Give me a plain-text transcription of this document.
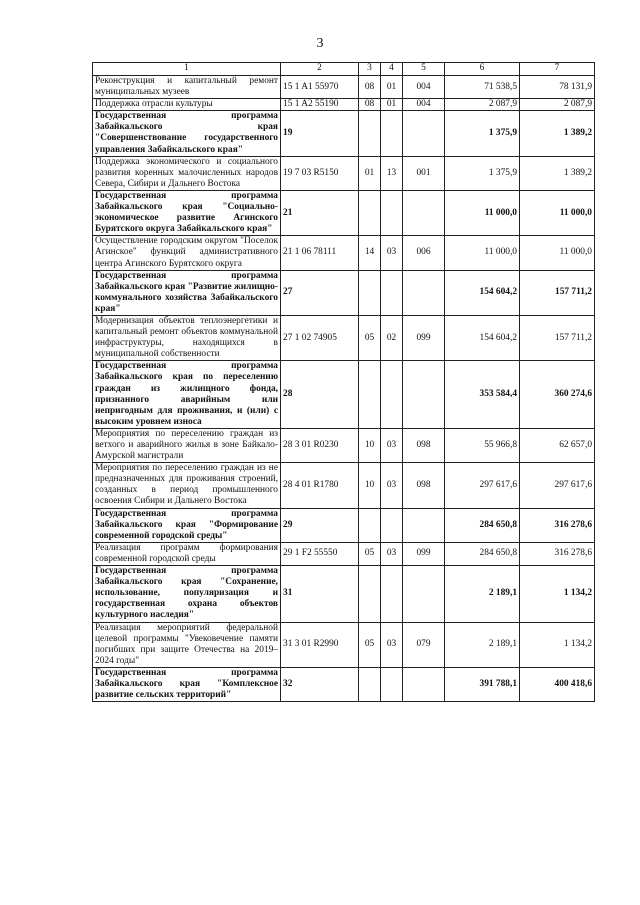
3
1	2	3	4	5	6	7
Реконструкция и капитальный ремонт муниципальных музеев	15 1 A1 55970	08	01	004	71 538,5	78 131,9
Поддержка отрасли культуры	15 1 A2 55190	08	01	004	2 087,9	2 087,9
Государственная программа Забайкальского края "Совершенствование государственного управления Забайкальского края"	19				1 375,9	1 389,2
Поддержка экономического и социального развития коренных малочисленных народов Севера, Сибири и Дальнего Востока	19 7 03 R5150	01	13	001	1 375,9	1 389,2
Государственная программа Забайкальского края "Социально-экономическое развитие Агинского Бурятского округа Забайкальского края"	21				11 000,0	11 000,0
Осуществление городским округом "Поселок Агинское" функций административного центра Агинского Бурятского округа	21 1 06 78111	14	03	006	11 000,0	11 000,0
Государственная программа Забайкальского края "Развитие жилищно-коммунального хозяйства Забайкальского края"	27				154 604,2	157 711,2
Модернизация объектов теплоэнергетики и капитальный ремонт объектов коммунальной инфраструктуры, находящихся в муниципальной собственности	27 1 02 74905	05	02	099	154 604,2	157 711,2
Государственная программа Забайкальского края по переселению граждан из жилищного фонда, признанного аварийным или непригодным для проживания, и (или) с высоким уровнем износа	28				353 584,4	360 274,6
Мероприятия по переселению граждан из ветхого и аварийного жилья в зоне Байкало-Амурской магистрали	28 3 01 R0230	10	03	098	55 966,8	62 657,0
Мероприятия по переселению граждан из не предназначенных для проживания строений, созданных в период промышленного освоения Сибири и Дальнего Востока	28 4 01 R1780	10	03	098	297 617,6	297 617,6
Государственная программа Забайкальского края "Формирование современной городской среды"	29				284 650,8	316 278,6
Реализация программ формирования современной городской среды	29 1 F2 55550	05	03	099	284 650,8	316 278,6
Государственная программа Забайкальского края "Сохранение, использование, популяризация и государственная охрана объектов культурного наследия"	31				2 189,1	1 134,2
Реализация мероприятий федеральной целевой программы "Увековечение памяти погибших при защите Отечества на 2019–2024 годы"	31 3 01 R2990	05	03	079	2 189,1	1 134,2
Государственная программа Забайкальского края "Комплексное развитие сельских территорий"	32				391 788,1	400 418,6
